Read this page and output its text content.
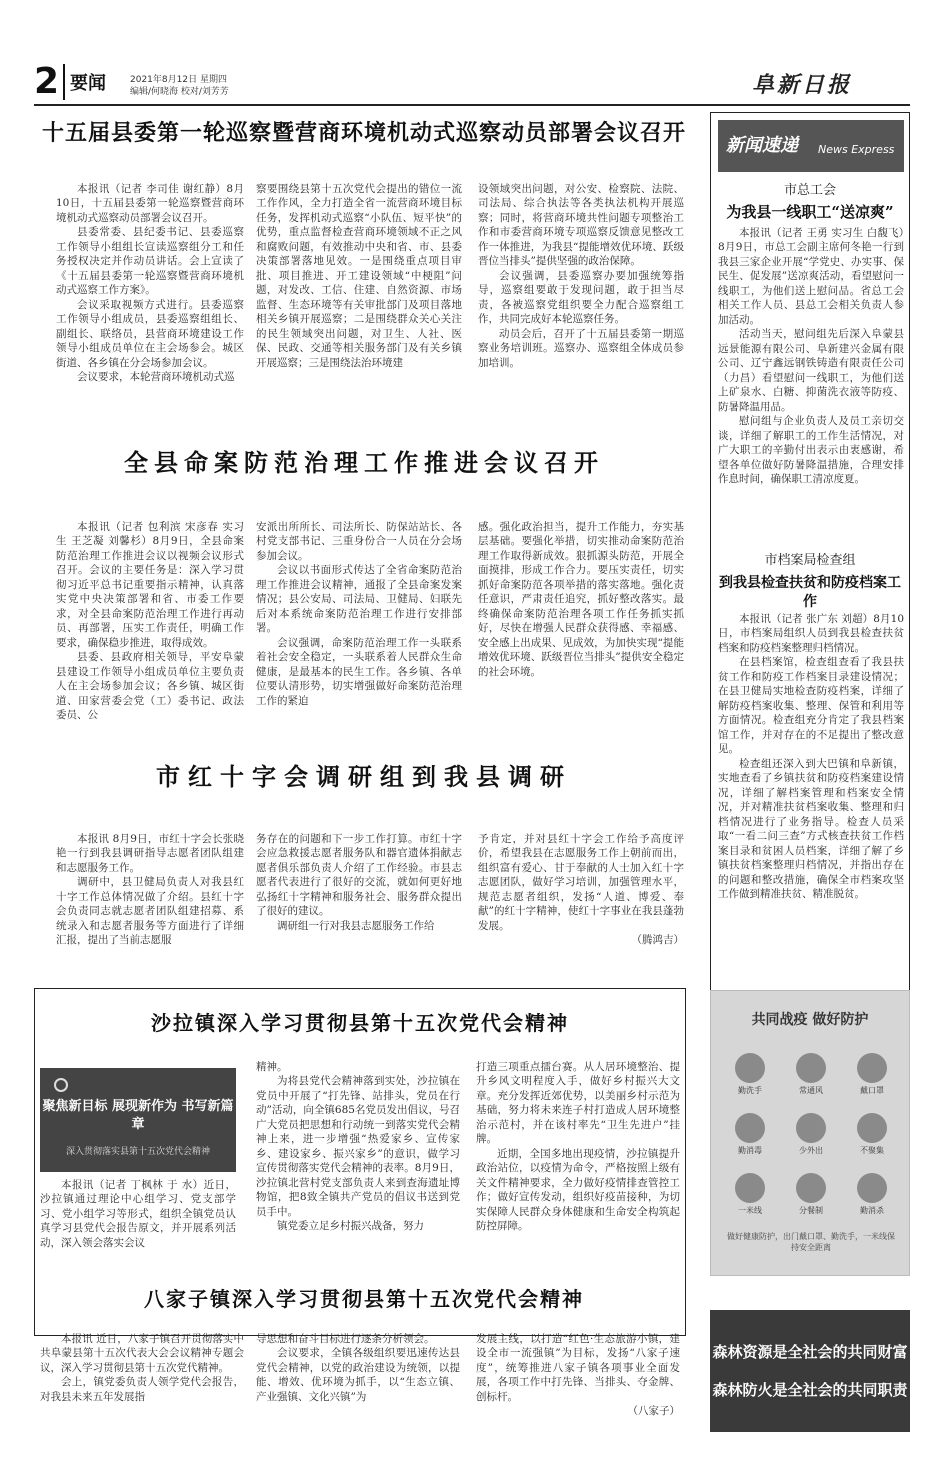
2 要闻	2021年8月12日 星期四
编辑/何晓海 校对/刘芳芳	阜新日报
十五届县委第一轮巡察暨营商环境机动式巡察动员部署会议召开

本报讯（记者 李司佳 谢红静）8月10日，十五届县委第一轮巡察暨营商环境机动式巡察动员部署会议召开。

县委常委、县纪委书记、县委巡察工作领导小组组长宣读巡察组分工和任务授权决定并作动员讲话。会上宣读了《十五届县委第一轮巡察暨营商环境机动式巡察工作方案》。

会议采取视频方式进行。县委巡察工作领导小组成员，县委巡察组组长、副组长、联络员，县营商环境建设工作领导小组成员单位在主会场参会。城区街道、各乡镇在分会场参加会议。

会议要求，本轮营商环境机动式巡

察要围绕县第十五次党代会提出的错位一流工作作风，全力打造全省一流营商环境目标任务，发挥机动式巡察“小队伍、短平快”的优势，重点监督检查营商环境领域不正之风和腐败问题，有效推动中央和省、市、县委决策部署落地见效。一是围绕重点项目审批、项目推进、开工建设领域“中梗阻”问题，对发改、工信、住建、自然资源、市场监督、生态环境等有关审批部门及项目落地相关乡镇开展巡察；二是围绕群众关心关注的民生领域突出问题，对卫生、人社、医保、民政、交通等相关服务部门及有关乡镇开展巡察；三是围绕法治环境建

设领域突出问题，对公安、检察院、法院、司法局、综合执法等各类执法机构开展巡察；同时，将营商环境共性问题专项整治工作和市委营商环境专项巡察反馈意见整改工作一体推进，为我县“提能增效优环境、跃级晋位当排头”提供坚强的政治保障。

会议强调，县委巡察办要加强统筹指导，巡察组要敢于发现问题，敢于担当尽责，各被巡察党组织要全力配合巡察组工作，共同完成好本轮巡察任务。

动员会后，召开了十五届县委第一期巡察业务培训班。巡察办、巡察组全体成员参加培训。

全县命案防范治理工作推进会议召开

本报讯（记者 包利滨 宋彦春 实习生 王芝凝 刘馨杉）8月9日，全县命案防范治理工作推进会议以视频会议形式召开。会议的主要任务是：深入学习贯彻习近平总书记重要指示精神，认真落实党中央决策部署和省、市委工作要求，对全县命案防范治理工作进行再动员、再部署，压实工作责任，明确工作要求，确保稳步推进，取得成效。

县委、县政府相关领导，平安阜蒙县建设工作领导小组成员单位主要负责人在主会场参加会议；各乡镇、城区街道、田家营委会党（工）委书记、政法委员、公

安派出所所长、司法所长、防保站站长、各村党支部书记、三重身份合一人员在分会场参加会议。

会议以书面形式传达了全省命案防范治理工作推进会议精神，通报了全县命案发案情况；县公安局、司法局、卫健局、妇联先后对本系统命案防范治理工作进行安排部署。

会议强调，命案防范治理工作一头联系着社会安全稳定，一头联系着人民群众生命健康，是最基本的民生工作。各乡镇、各单位要认清形势，切实增强做好命案防范治理工作的紧迫

感。强化政治担当，提升工作能力，夯实基层基础。要强化举措，切实推动命案防范治理工作取得新成效。狠抓源头防范，开展全面摸排，形成工作合力。要压实责任，切实抓好命案防范各项举措的落实落地。强化责任意识，严肃责任追究，抓好整改落实。最终确保命案防范治理各项工作任务抓实抓好，尽快在增强人民群众获得感、幸福感、安全感上出成果、见成效，为加快实现“提能增效优环境、跃级晋位当排头”提供安全稳定的社会环境。

市红十字会调研组到我县调研

本报讯 8月9日，市红十字会长张晓艳一行到我县调研指导志愿者团队组建和志愿服务工作。

调研中，县卫健局负责人对我县红十字工作总体情况做了介绍。县红十字会负责同志就志愿者团队组建招募、系统录入和志愿者服务等方面进行了详细汇报，提出了当前志愿服

务存在的问题和下一步工作打算。市红十字会应急救援志愿者服务队和器官遗体捐献志愿者俱乐部负责人介绍了工作经验。市县志愿者代表进行了很好的交流，就如何更好地弘扬红十字精神和服务社会、服务群众提出了很好的建议。

调研组一行对我县志愿服务工作给

予肯定，并对县红十字会工作给予高度评价，希望我县在志愿服务工作上朝前而出，组织富有爱心、甘于奉献的人士加入红十字志愿团队，做好学习培训，加强管理水平，规范志愿者组织，发扬“人道、博爱、奉献”的红十字精神，使红十字事业在我县蓬勃发展。

（腾鸿吉）

新闻速递 News Express
市总工会
为我县一线职工“送凉爽”

本报讯（记者 王勇 实习生 白馥飞）8月9日，市总工会副主席何冬艳一行到我县三家企业开展“学党史、办实事、保民生、促发展”送凉爽活动，看望慰问一线职工，为他们送上慰问品。省总工会相关工作人员、县总工会相关负责人参加活动。

活动当天，慰问组先后深入阜蒙县远景能源有限公司、阜新建兴金属有限公司、辽宁鑫远钢铁铸造有限责任公司（力昌）看望慰问一线职工，为他们送上矿泉水、白糖、抑菌洗衣液等防疫、防暑降温用品。

慰问组与企业负责人及员工亲切交谈，详细了解职工的工作生活情况，对广大职工的辛勤付出表示由衷感谢，希望各单位做好防暑降温措施，合理安排作息时间，确保职工清凉度夏。

市档案局检查组
到我县检查扶贫和防疫档案工作

本报讯（记者 张广东 刘超）8月10日，市档案局组织人员到我县检查扶贫档案和防疫档案整理归档情况。

在县档案馆，检查组查看了我县扶贫工作和防疫工作档案目录建设情况；在县卫健局实地检查防疫档案，详细了解防疫档案收集、整理、保管和利用等方面情况。检查组充分肯定了我县档案馆工作，并对存在的不足提出了整改意见。

检查组还深入到大巴镇和阜新镇，实地查看了乡镇扶贫和防疫档案建设情况，详细了解档案管理和档案安全情况，并对精准扶贫档案收集、整理和归档情况进行了业务指导。检查人员采取“一看二问三查”方式核查扶贫工作档案目录和贫困人员档案，详细了解了乡镇扶贫档案整理归档情况，并指出存在的问题和整改措施，确保全市档案攻坚工作做到精准扶贫、精准脱贫。

沙拉镇深入学习贯彻县第十五次党代会精神
聚焦新目标 展现新作为 书写新篇章
深入贯彻落实县第十五次党代会精神

本报讯（记者 丁枫林 于 水）近日，沙拉镇通过理论中心组学习、党支部学习、党小组学习等形式，组织全镇党员认真学习县党代会报告原文，并开展系列活动，深入领会落实会议

精神。

为将县党代会精神落到实处，沙拉镇在党员中开展了“打先锋、站排头，党员在行动”活动，向全镇685名党员发出倡议，号召广大党员把思想和行动统一到落实党代会精神上来，进一步增强“热爱家乡、宣传家乡、建设家乡、振兴家乡”的意识，做学习宣传贯彻落实党代会精神的表率。8月9日，沙拉镇北营村党支部负责人来到查海遗址博物馆，把8致全镇共产党员的倡议书送到党员手中。

镇党委立足乡村振兴战备，努力

打造三项重点擂台赛。从人居环境整治、提升乡风文明程度入手，做好乡村振兴大文章。充分发挥近郊优势，以美丽乡村示范为基础，努力将未来连子村打造成人居环境整治示范村，并在该村率先“卫生先进户”挂牌。

近期，全国多地出现疫情，沙拉镇提升政治站位，以疫情为命令，严格按照上级有关文件精神要求，全力做好疫情排查管控工作；做好宣传发动，组织好疫苗接种，为切实保障人民群众身体健康和生命安全构筑起防控屏障。

八家子镇深入学习贯彻县第十五次党代会精神

本报讯 近日，八家子镇召开贯彻落实中共阜蒙县第十五次代表大会会议精神专题会议，深入学习贯彻县第十五次党代精神。

会上，镇党委负责人领学党代会报告，对我县未来五年发展指

导思想和奋斗目标进行逐条分析领会。

会议要求，全镇各级组织要迅速传达县党代会精神，以党的政治建设为统领，以提能、增效、优环境为抓手，以“生态立镇、产业强镇、文化兴镇”为

发展主线，以打造“红色·生态旅游小镇，建设全市一流强镇”为目标，发扬“八家子速度”，统筹推进八家子镇各项事业全面发展，各项工作中打先锋、当排头、夺金牌、创标杆。

（八家子）

共同战疫 做好防护
勤洗手	常通风	戴口罩
勤消毒	少外出	不聚集
一米线	分餐制	勤消杀
做好健康防护，出门戴口罩、勤洗手，一米线保持安全距离
森林资源是全社会的共同财富
森林防火是全社会的共同职责
